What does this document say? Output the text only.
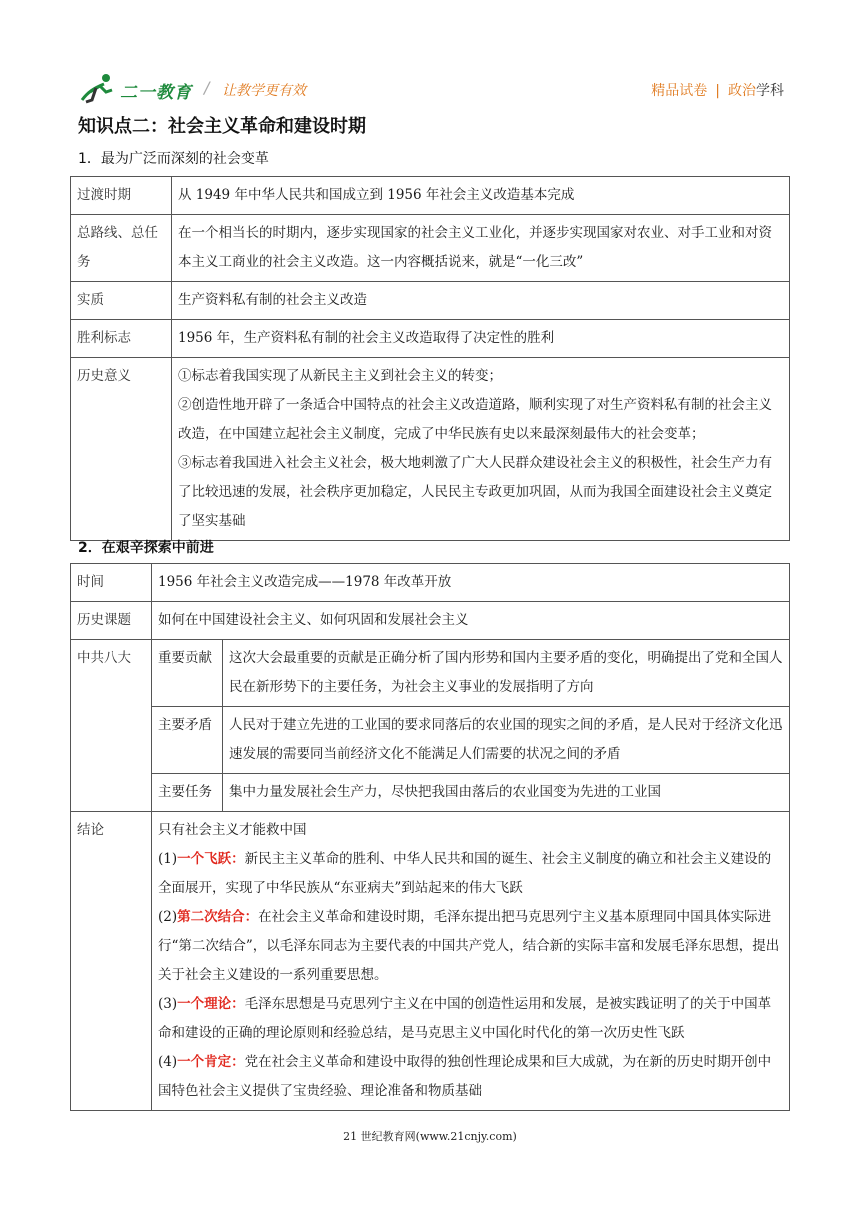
二一教育 / 让教学更有效	精品试卷 | 政治学科
知识点二：社会主义革命和建设时期
1．最为广泛而深刻的社会变革
过渡时期	从 1949 年中华人民共和国成立到 1956 年社会主义改造基本完成
总路线、总任务	在一个相当长的时期内，逐步实现国家的社会主义工业化，并逐步实现国家对农业、对手工业和对资本主义工商业的社会主义改造。这一内容概括说来，就是“一化三改”
实质	生产资料私有制的社会主义改造
胜利标志	1956 年，生产资料私有制的社会主义改造取得了决定性的胜利
历史意义	①标志着我国实现了从新民主主义到社会主义的转变；

②创造性地开辟了一条适合中国特点的社会主义改造道路，顺利实现了对生产资料私有制的社会主义改造，在中国建立起社会主义制度，完成了中华民族有史以来最深刻最伟大的社会变革；

③标志着我国进入社会主义社会，极大地刺激了广大人民群众建设社会主义的积极性，社会生产力有了比较迅速的发展，社会秩序更加稳定，人民民主专政更加巩固，从而为我国全面建设社会主义奠定了坚实基础

2．在艰辛探索中前进
时间	1956 年社会主义改造完成——1978 年改革开放	
历史课题	如何在中国建设社会主义、如何巩固和发展社会主义	
中共八大	重要贡献	这次大会最重要的贡献是正确分析了国内形势和国内主要矛盾的变化，明确提出了党和全国人民在新形势下的主要任务，为社会主义事业的发展指明了方向
	主要矛盾	人民对于建立先进的工业国的要求同落后的农业国的现实之间的矛盾，是人民对于经济文化迅速发展的需要同当前经济文化不能满足人们需要的状况之间的矛盾
	主要任务	集中力量发展社会生产力，尽快把我国由落后的农业国变为先进的工业国
结论	只有社会主义才能救中国

(1)一个飞跃：新民主主义革命的胜利、中华人民共和国的诞生、社会主义制度的确立和社会主义建设的全面展开，实现了中华民族从“东亚病夫”到站起来的伟大飞跃

(2)第二次结合：在社会主义革命和建设时期，毛泽东提出把马克思列宁主义基本原理同中国具体实际进行“第二次结合”，以毛泽东同志为主要代表的中国共产党人，结合新的实际丰富和发展毛泽东思想，提出关于社会主义建设的一系列重要思想。

(3)一个理论：毛泽东思想是马克思列宁主义在中国的创造性运用和发展，是被实践证明了的关于中国革命和建设的正确的理论原则和经验总结，是马克思主义中国化时代化的第一次历史性飞跃

(4)一个肯定：党在社会主义革命和建设中取得的独创性理论成果和巨大成就，为在新的历史时期开创中国特色社会主义提供了宝贵经验、理论准备和物质基础	

21 世纪教育网(www.21cnjy.com)
